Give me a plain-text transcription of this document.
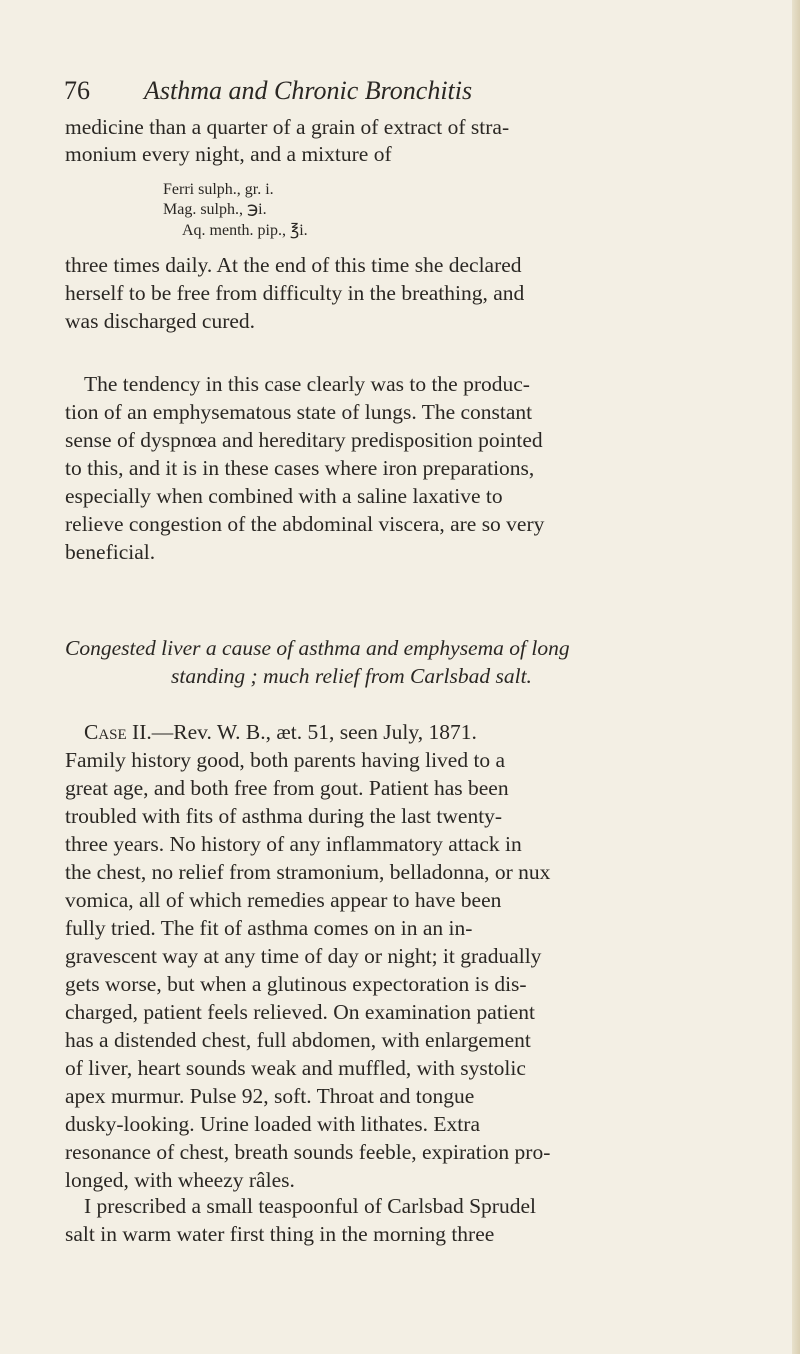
76 Asthma and Chronic Bronchitis
medicine than a quarter of a grain of extract of stra-
monium every night, and a mixture of
Ferri sulph., gr. i.
Mag. sulph., ℈i.
Aq. menth. pip., ℥i.
three times daily. At the end of this time she declared
herself to be free from difficulty in the breathing, and
was discharged cured.
The tendency in this case clearly was to the produc-
tion of an emphysematous state of lungs. The constant
sense of dyspnœa and hereditary predisposition pointed
to this, and it is in these cases where iron preparations,
especially when combined with a saline laxative to
relieve congestion of the abdominal viscera, are so very
beneficial.
Congested liver a cause of asthma and emphysema of long
standing ; much relief from Carlsbad salt.
Case II.—Rev. W. B., æt. 51, seen July, 1871.
Family history good, both parents having lived to a
great age, and both free from gout. Patient has been
troubled with fits of asthma during the last twenty-
three years. No history of any inflammatory attack in
the chest, no relief from stramonium, belladonna, or nux
vomica, all of which remedies appear to have been
fully tried. The fit of asthma comes on in an in-
gravescent way at any time of day or night; it gradually
gets worse, but when a glutinous expectoration is dis-
charged, patient feels relieved. On examination patient
has a distended chest, full abdomen, with enlargement
of liver, heart sounds weak and muffled, with systolic
apex murmur. Pulse 92, soft. Throat and tongue
dusky-looking. Urine loaded with lithates. Extra
resonance of chest, breath sounds feeble, expiration pro-
longed, with wheezy râles.
I prescribed a small teaspoonful of Carlsbad Sprudel
salt in warm water first thing in the morning three
